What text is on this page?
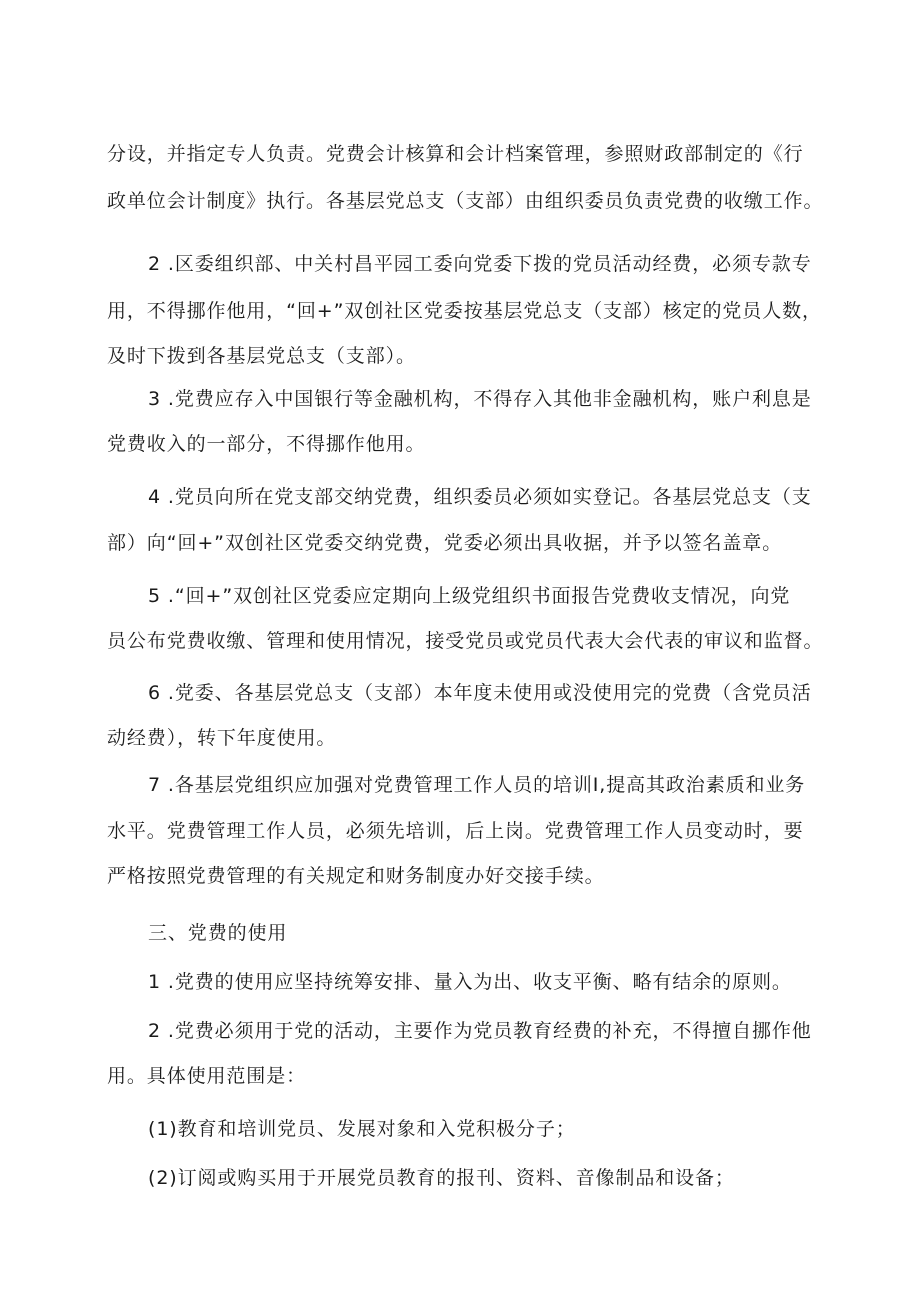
分设，并指定专人负责。党费会计核算和会计档案管理，参照财政部制定的《行
政单位会计制度》执行。各基层党总支（支部）由组织委员负责党费的收缴工作。
2 .区委组织部、中关村昌平园工委向党委下拨的党员活动经费，必须专款专
用，不得挪作他用，“回+”双创社区党委按基层党总支（支部）核定的党员人数，
及时下拨到各基层党总支（支部）。
3 .党费应存入中国银行等金融机构，不得存入其他非金融机构，账户利息是
党费收入的一部分，不得挪作他用。
4 .党员向所在党支部交纳党费，组织委员必须如实登记。各基层党总支（支
部）向“回+”双创社区党委交纳党费，党委必须出具收据，并予以签名盖章。
5 .“回+”双创社区党委应定期向上级党组织书面报告党费收支情况，向党
员公布党费收缴、管理和使用情况，接受党员或党员代表大会代表的审议和监督。
6 .党委、各基层党总支（支部）本年度未使用或没使用完的党费（含党员活
动经费），转下年度使用。
7 .各基层党组织应加强对党费管理工作人员的培训I,提高其政治素质和业务
水平。党费管理工作人员，必须先培训，后上岗。党费管理工作人员变动时，要
严格按照党费管理的有关规定和财务制度办好交接手续。
三、党费的使用
1 .党费的使用应坚持统筹安排、量入为出、收支平衡、略有结余的原则。
2 .党费必须用于党的活动，主要作为党员教育经费的补充，不得擅自挪作他
用。具体使用范围是：
(1)教育和培训党员、发展对象和入党积极分子；
(2)订阅或购买用于开展党员教育的报刊、资料、音像制品和设备；
